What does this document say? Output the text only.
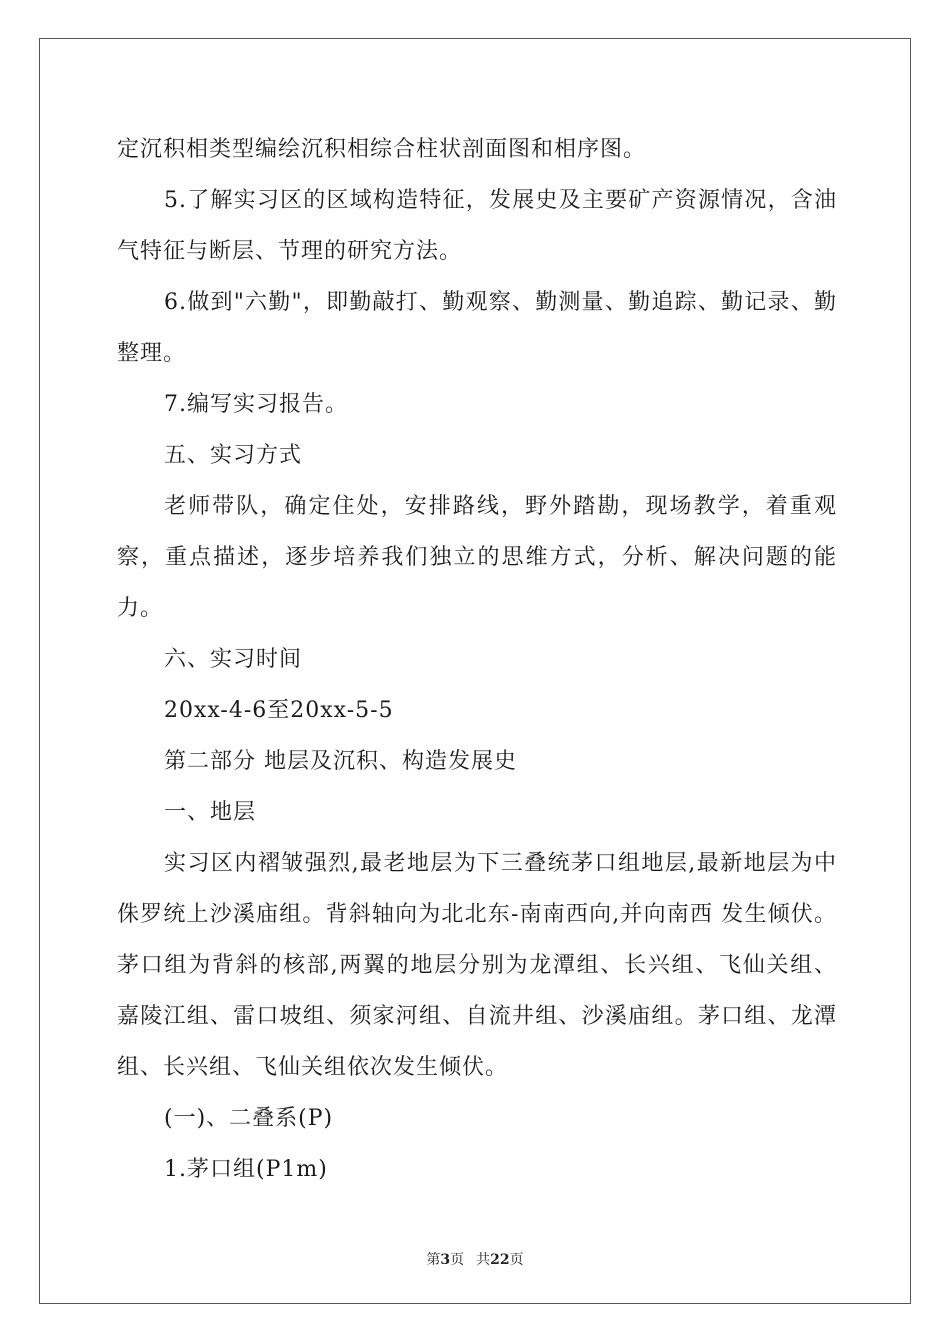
定沉积相类型编绘沉积相综合柱状剖面图和相序图。

5.了解实习区的区域构造特征，发展史及主要矿产资源情况，含油气特征与断层、节理的研究方法。

6.做到"六勤"，即勤敲打、勤观察、勤测量、勤追踪、勤记录、勤整理。

7.编写实习报告。

五、实习方式

老师带队，确定住处，安排路线，野外踏勘，现场教学，着重观察，重点描述，逐步培养我们独立的思维方式，分析、解决问题的能力。

六、实习时间

20xx-4-6至20xx-5-5

第二部分 地层及沉积、构造发展史

一、地层

实习区内褶皱强烈,最老地层为下三叠统茅口组地层,最新地层为中侏罗统上沙溪庙组。背斜轴向为北北东-南南西向,并向南西 发生倾伏。茅口组为背斜的核部,两翼的地层分别为龙潭组、长兴组、飞仙关组、 嘉陵江组、雷口坡组、须家河组、自流井组、沙溪庙组。茅口组、龙潭组、长兴组、飞仙关组依次发生倾伏。

(一)、二叠系(P)

1.茅口组(P1m)

第3页 共22页
